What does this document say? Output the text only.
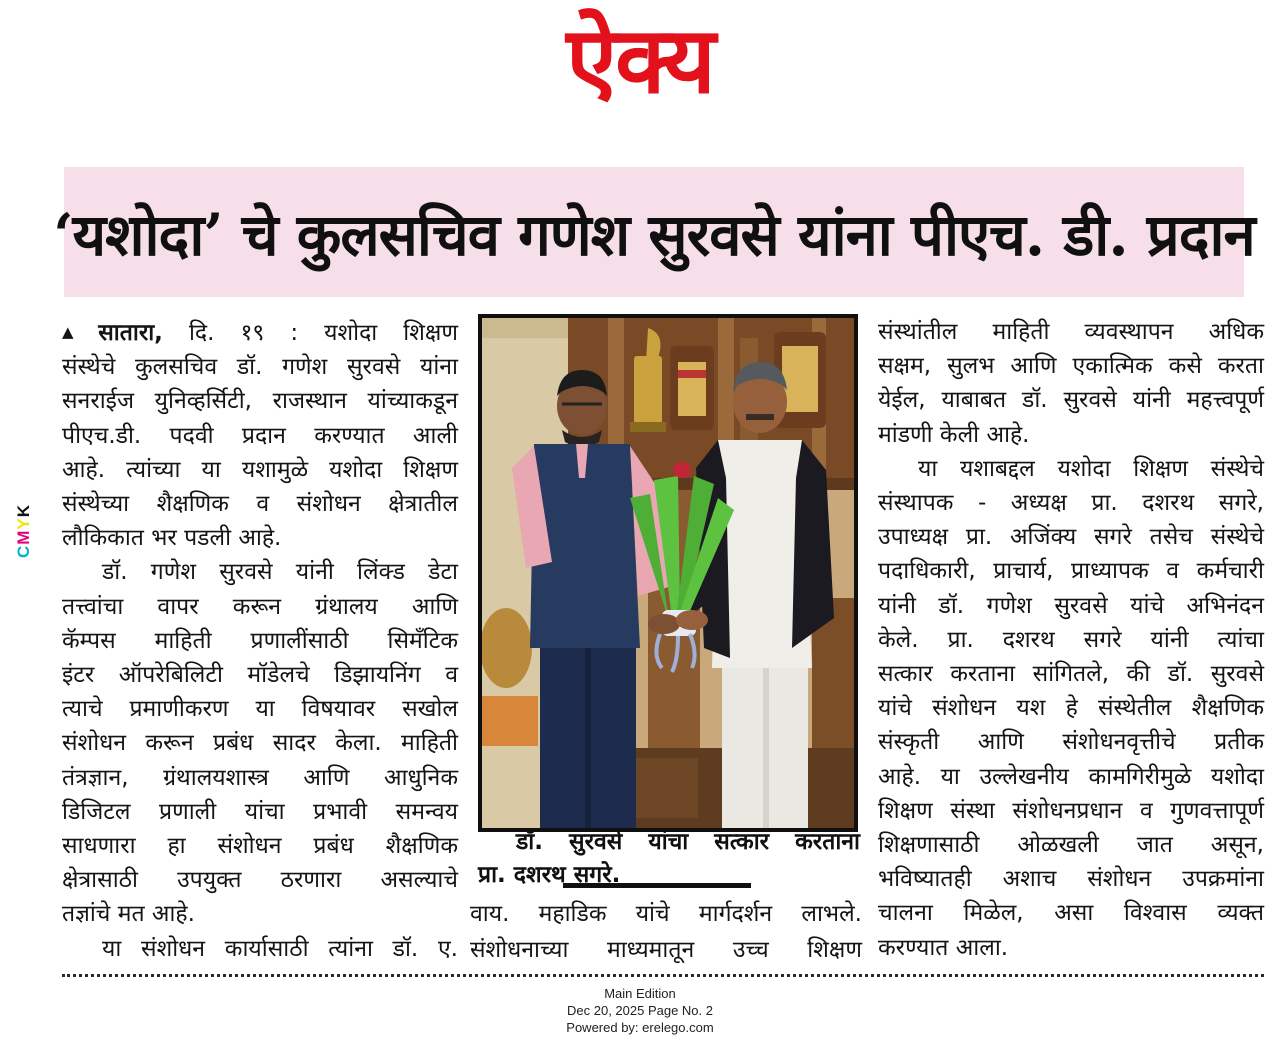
ऐक्य
‘यशोदा’ चे कुलसचिव गणेश सुरवसे यांना पीएच. डी. प्रदान
CMYK
▲सातारा, दि. १९ : यशोदा शिक्षण
संस्थेचे कुलसचिव डॉ. गणेश सुरवसे यांना
सनराईज युनिव्हर्सिटी, राजस्थान यांच्याकडून
पीएच.डी. पदवी प्रदान करण्यात आली
आहे. त्यांच्या या यशामुळे यशोदा शिक्षण
संस्थेच्या शैक्षणिक व संशोधन क्षेत्रातील
लौकिकात भर पडली आहे.
डॉ. गणेश सुरवसे यांनी लिंक्ड डेटा
तत्त्वांचा वापर करून ग्रंथालय आणि
कॅम्पस माहिती प्रणालींसाठी सिमँटिक
इंटर ऑपरेबिलिटी मॉडेलचे डिझायनिंग व
त्याचे प्रमाणीकरण या विषयावर सखोल
संशोधन करून प्रबंध सादर केला. माहिती
तंत्रज्ञान, ग्रंथालयशास्त्र आणि आधुनिक
डिजिटल प्रणाली यांचा प्रभावी समन्वय
साधणारा हा संशोधन प्रबंध शैक्षणिक
क्षेत्रासाठी उपयुक्त ठरणारा असल्याचे
तज्ञांचे मत आहे.
या संशोधन कार्यासाठी त्यांना डॉ. ए.
डॉ. सुरवसे यांचा सत्कार करताना
प्रा. दशरथ सगरे.
वाय. महाडिक यांचे मार्गदर्शन लाभले.
संशोधनाच्या माध्यमातून उच्च शिक्षण
संस्थांतील माहिती व्यवस्थापन अधिक
सक्षम, सुलभ आणि एकात्मिक कसे करता
येईल, याबाबत डॉ. सुरवसे यांनी महत्त्वपूर्ण
मांडणी केली आहे.
या यशाबद्दल यशोदा शिक्षण संस्थेचे
संस्थापक - अध्यक्ष प्रा. दशरथ सगरे,
उपाध्यक्ष प्रा. अजिंक्य सगरे तसेच संस्थेचे
पदाधिकारी, प्राचार्य, प्राध्यापक व कर्मचारी
यांनी डॉ. गणेश सुरवसे यांचे अभिनंदन
केले. प्रा. दशरथ सगरे यांनी त्यांचा
सत्कार करताना सांगितले, की डॉ. सुरवसे
यांचे संशोधन यश हे संस्थेतील शैक्षणिक
संस्कृती आणि संशोधनवृत्तीचे प्रतीक
आहे. या उल्लेखनीय कामगिरीमुळे यशोदा
शिक्षण संस्था संशोधनप्रधान व गुणवत्तापूर्ण
शिक्षणासाठी ओळखली जात असून,
भविष्यातही अशाच संशोधन उपक्रमांना
चालना मिळेल, असा विश्वास व्यक्त
करण्यात आला.
Main Edition
Dec 20, 2025 Page No. 2
Powered by: erelego.com
